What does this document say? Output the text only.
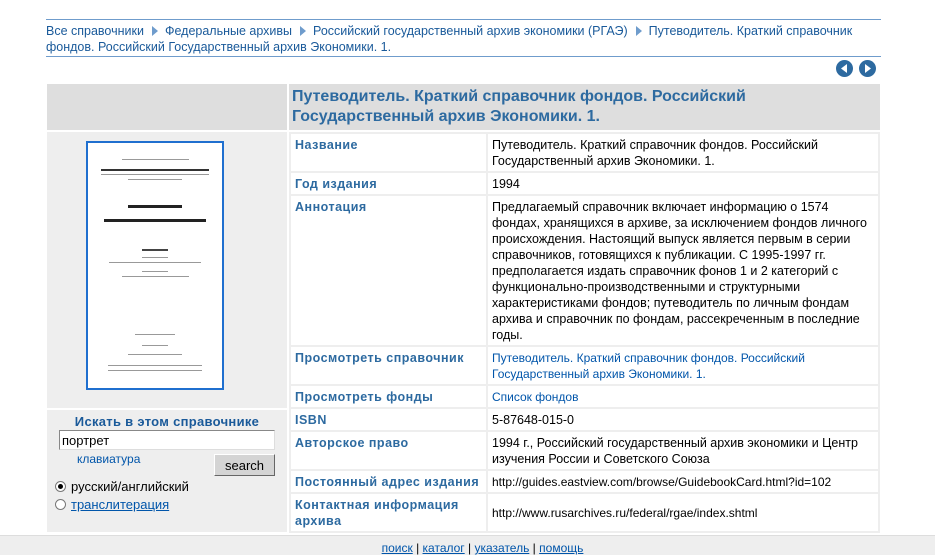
Все справочники Федеральные архивы Российский государственный архив экономики (РГАЭ) Путеводитель. Краткий справочник фондов. Российский Государственный архив Экономики. 1.
Путеводитель. Краткий справочник фондов. Российский Государственный архив Экономики. 1.
Искать в этом справочнике
портрет
клавиатура	search
русский/английский
транслитерация
Название	Путеводитель. Краткий справочник фондов. Российский Государственный архив Экономики. 1.
Год издания	1994
Аннотация	Предлагаемый справочник включает информацию о 1574 фондах, хранящихся в архиве, за исключением фондов личного происхождения. Настоящий выпуск является первым в серии справочников, готовящихся к публикации. С 1995-1997 гг. предполагается издать справочник фонов 1 и 2 категорий с функционально-производственными и структурными характеристиками фондов; путеводитель по личным фондам архива и справочник по фондам, рассекреченным в последние годы.
Просмотреть справочник	Путеводитель. Краткий справочник фондов. Российский Государственный архив Экономики. 1.
Просмотреть фонды	Список фондов
ISBN	5-87648-015-0
Авторское право	1994 г., Российский государственный архив экономики и Центр изучения России и Советского Союза
Постоянный адрес издания	http://guides.eastview.com/browse/GuidebookCard.html?id=102
Контактная информация архива	http://www.rusarchives.ru/federal/rgae/index.shtml
поиск | каталог | указатель | помощь
